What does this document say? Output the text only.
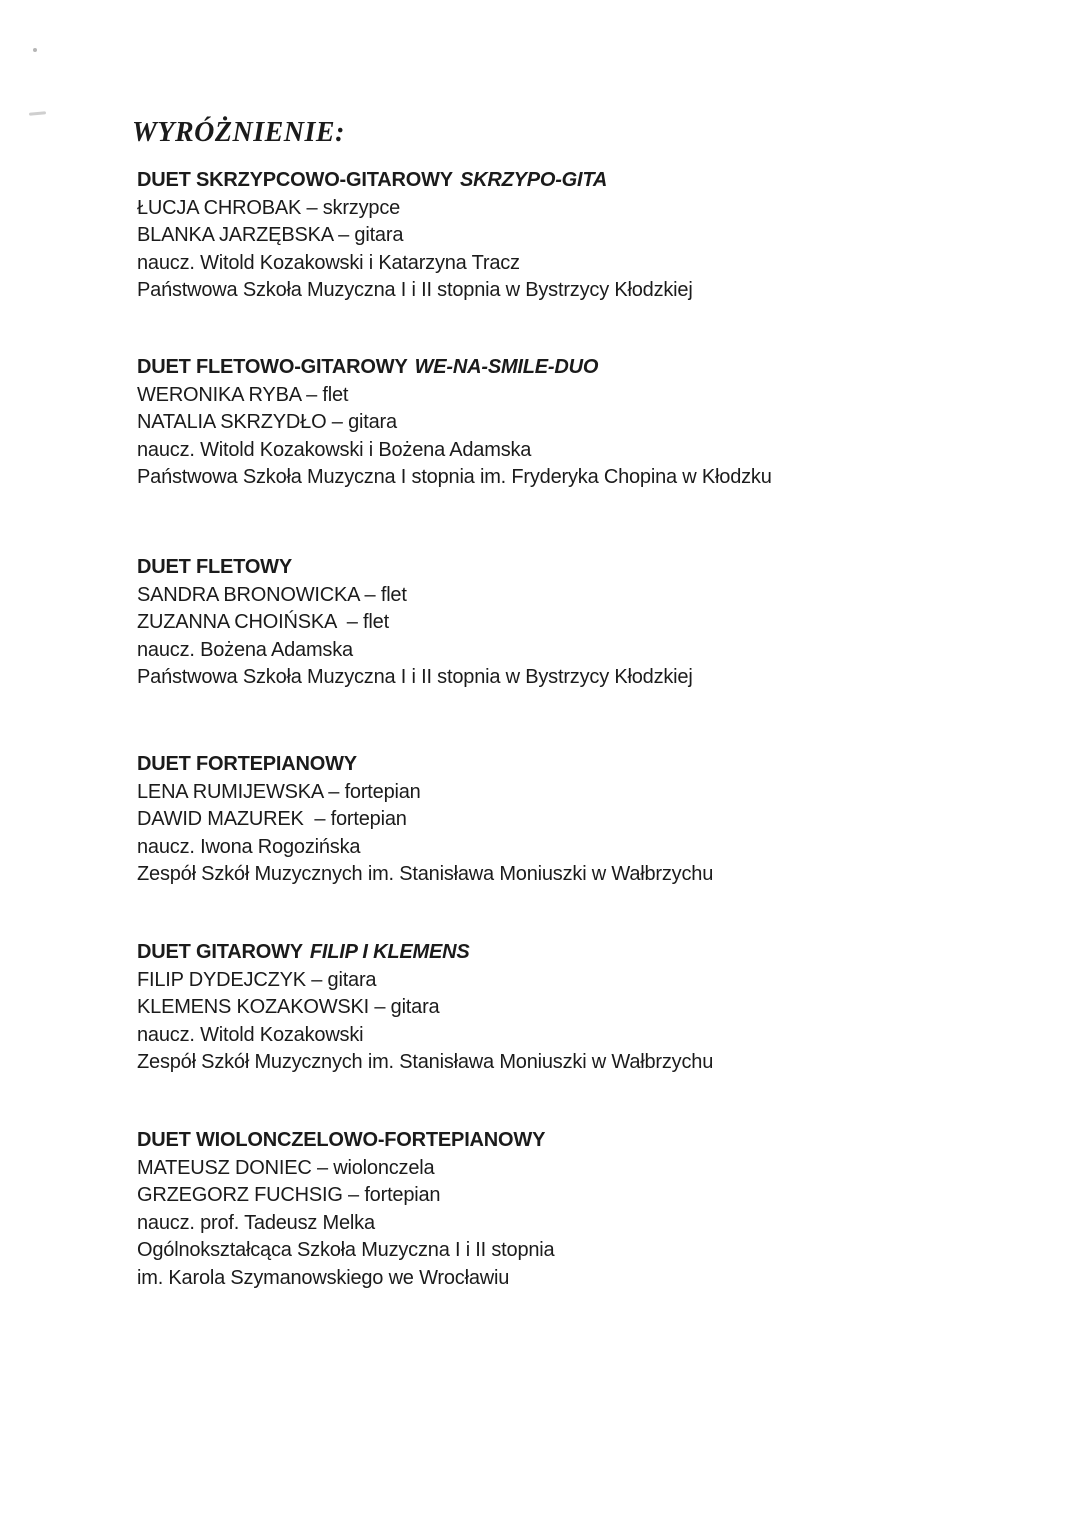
WYRÓŻNIENIE:
DUET SKRZYPCOWO-GITAROWY SKRZYPO-GITA
ŁUCJA CHROBAK – skrzypce
BLANKA JARZĘBSKA – gitara
naucz. Witold Kozakowski i Katarzyna Tracz
Państwowa Szkoła Muzyczna I i II stopnia w Bystrzycy Kłodzkiej
DUET FLETOWO-GITAROWY WE-NA-SMILE-DUO
WERONIKA RYBA – flet
NATALIA SKRZYDŁO – gitara
naucz. Witold Kozakowski i Bożena Adamska
Państwowa Szkoła Muzyczna I stopnia im. Fryderyka Chopina w Kłodzku
DUET FLETOWY
SANDRA BRONOWICKA – flet
ZUZANNA CHOIŃSKA  – flet
naucz. Bożena Adamska
Państwowa Szkoła Muzyczna I i II stopnia w Bystrzycy Kłodzkiej
DUET FORTEPIANOWY
LENA RUMIJEWSKA – fortepian
DAWID MAZUREK  – fortepian
naucz. Iwona Rogozińska
Zespół Szkół Muzycznych im. Stanisława Moniuszki w Wałbrzychu
DUET GITAROWY FILIP I KLEMENS
FILIP DYDEJCZYK – gitara
KLEMENS KOZAKOWSKI – gitara
naucz. Witold Kozakowski
Zespół Szkół Muzycznych im. Stanisława Moniuszki w Wałbrzychu
DUET WIOLONCZELOWO-FORTEPIANOWY
MATEUSZ DONIEC – wiolonczela
GRZEGORZ FUCHSIG – fortepian
naucz. prof. Tadeusz Melka
Ogólnokształcąca Szkoła Muzyczna I i II stopnia
im. Karola Szymanowskiego we Wrocławiu
